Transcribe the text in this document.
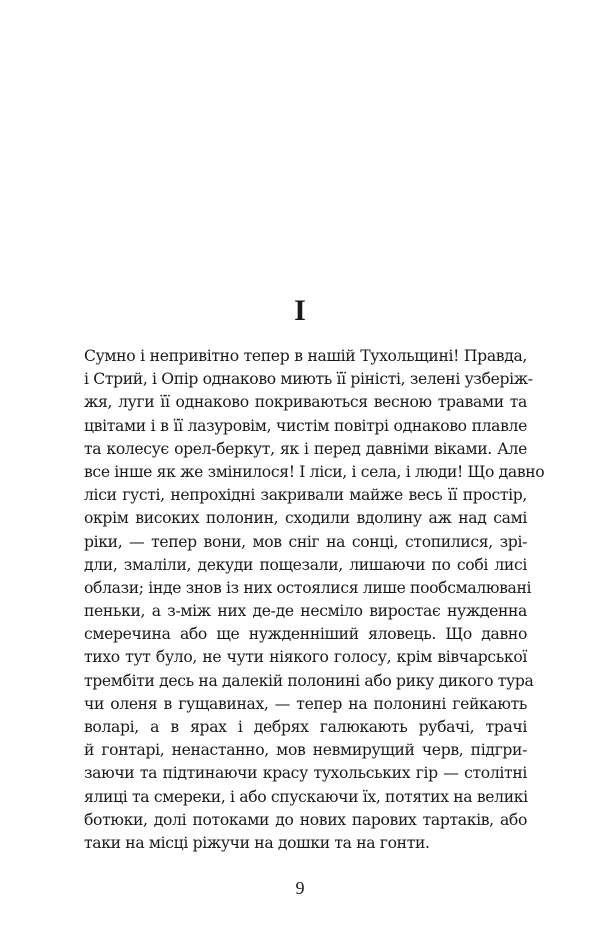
I
Сумно і непривітно тепер в нашій Тухольщині! Правда,
і Стрий, і Опір однаково миють її ріністі, зелені узберіж-
жя, луги її однаково покриваються весною травами та
цвітами і в її лазуровім, чистім повітрі однаково плавле
та колесує орел-беркут, як і перед давніми віками. Але
все інше як же змінилося! І ліси, і села, і люди! Що давно
ліси густі, непрохідні закривали майже весь її простір,
окрім високих полонин, сходили вдолину аж над самі
ріки, — тепер вони, мов сніг на сонці, стопилися, зрі-
дли, змаліли, декуди пощезали, лишаючи по собі лисі
облази; інде знов із них остоялися лише пообсмалювані
пеньки, а з-між них де-де несміло виростає нужденна
смеречина або ще нужденніший яловець. Що давно
тихо тут було, не чути ніякого голосу, крім вівчарської
трембіти десь на далекій полонині або рику дикого тура
чи оленя в гущавинах, — тепер на полонині гейкають
воларі, а в ярах і дебрях галюкають рубачі, трачі
й гонтарі, ненастанно, мов невмирущий черв, підгри-
заючи та підтинаючи красу тухольських гір — столітні
ялиці та смереки, і або спускаючи їх, потятих на великі
ботюки, долі потоками до нових парових тартаків, або
таки на місці ріжучи на дошки та на гонти.
9
